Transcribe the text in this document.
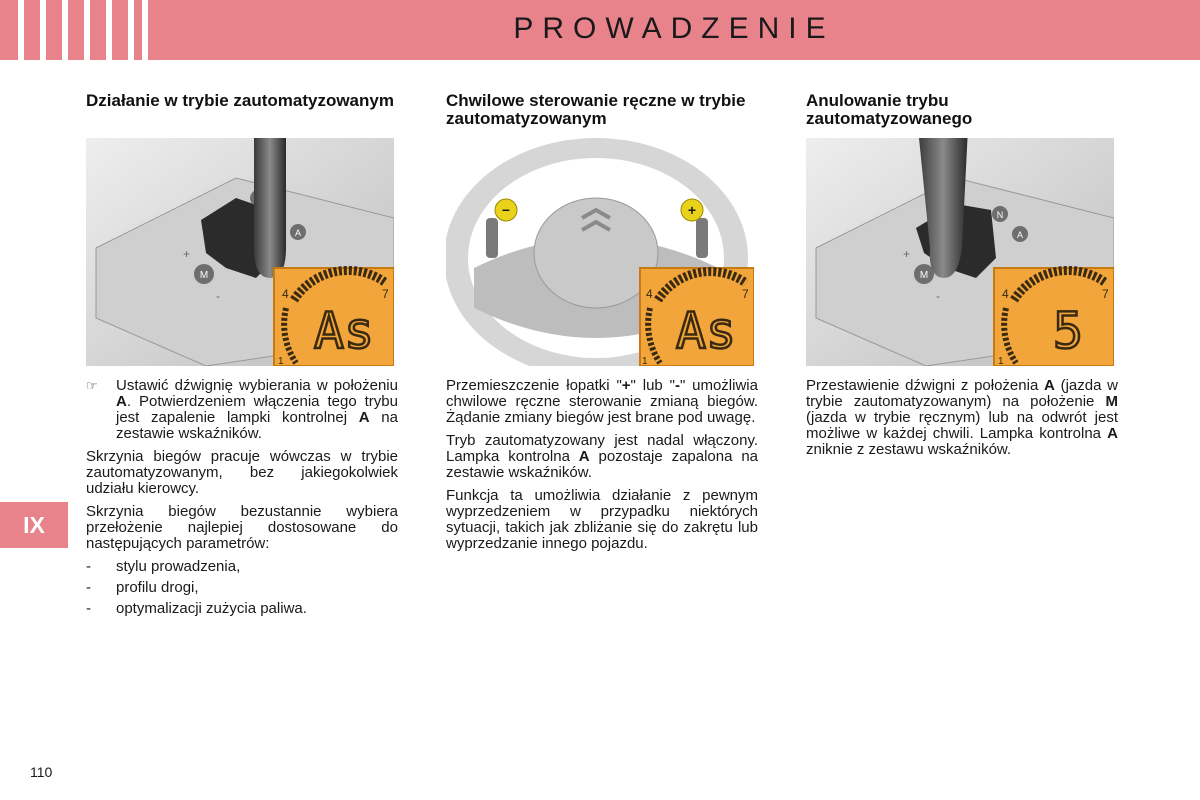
PROWADZENIE
IX
110
Działanie w trybie zautomatyzowanym
A
M
+
-	4	7
1
As
☞	Ustawić dźwignię wybierania w położeniu A. Potwierdzeniem włączenia tego trybu jest zapalenie lampki kontrolnej A na zestawie wskaźników.

Skrzynia biegów pracuje wówczas w trybie zautomatyzowanym, bez jakiegokolwiek udziału kierowcy.

Skrzynia biegów bezustannie wybiera przełożenie najlepiej dostosowane do następujących parametrów:

-	stylu prowadzenia,
-	profilu drogi,
-	optymalizacji zużycia paliwa.
Chwilowe sterowanie ręczne w trybie zautomatyzowanym
−	+
4	7
1
As

Przemieszczenie łopatki "+" lub "-" umożliwia chwilowe ręczne sterowanie zmianą biegów. Żądanie zmiany biegów jest brane pod uwagę.

Tryb zautomatyzowany jest nadal włączony. Lampka kontrolna A pozostaje zapalona na zestawie wskaźników.

Funkcja ta umożliwia działanie z pewnym wyprzedzeniem w przypadku niektórych sytuacji, takich jak zbliżanie się do zakrętu lub wyprzedzanie innego pojazdu.

Anulowanie trybu zautomatyzowanego
N
A
M
+
-	4	7
1
5

Przestawienie dźwigni z położenia A (jazda w trybie zautomatyzowanym) na położenie M (jazda w trybie ręcznym) lub na odwrót jest możliwe w każdej chwili. Lampka kontrolna A zniknie z zestawu wskaźników.
